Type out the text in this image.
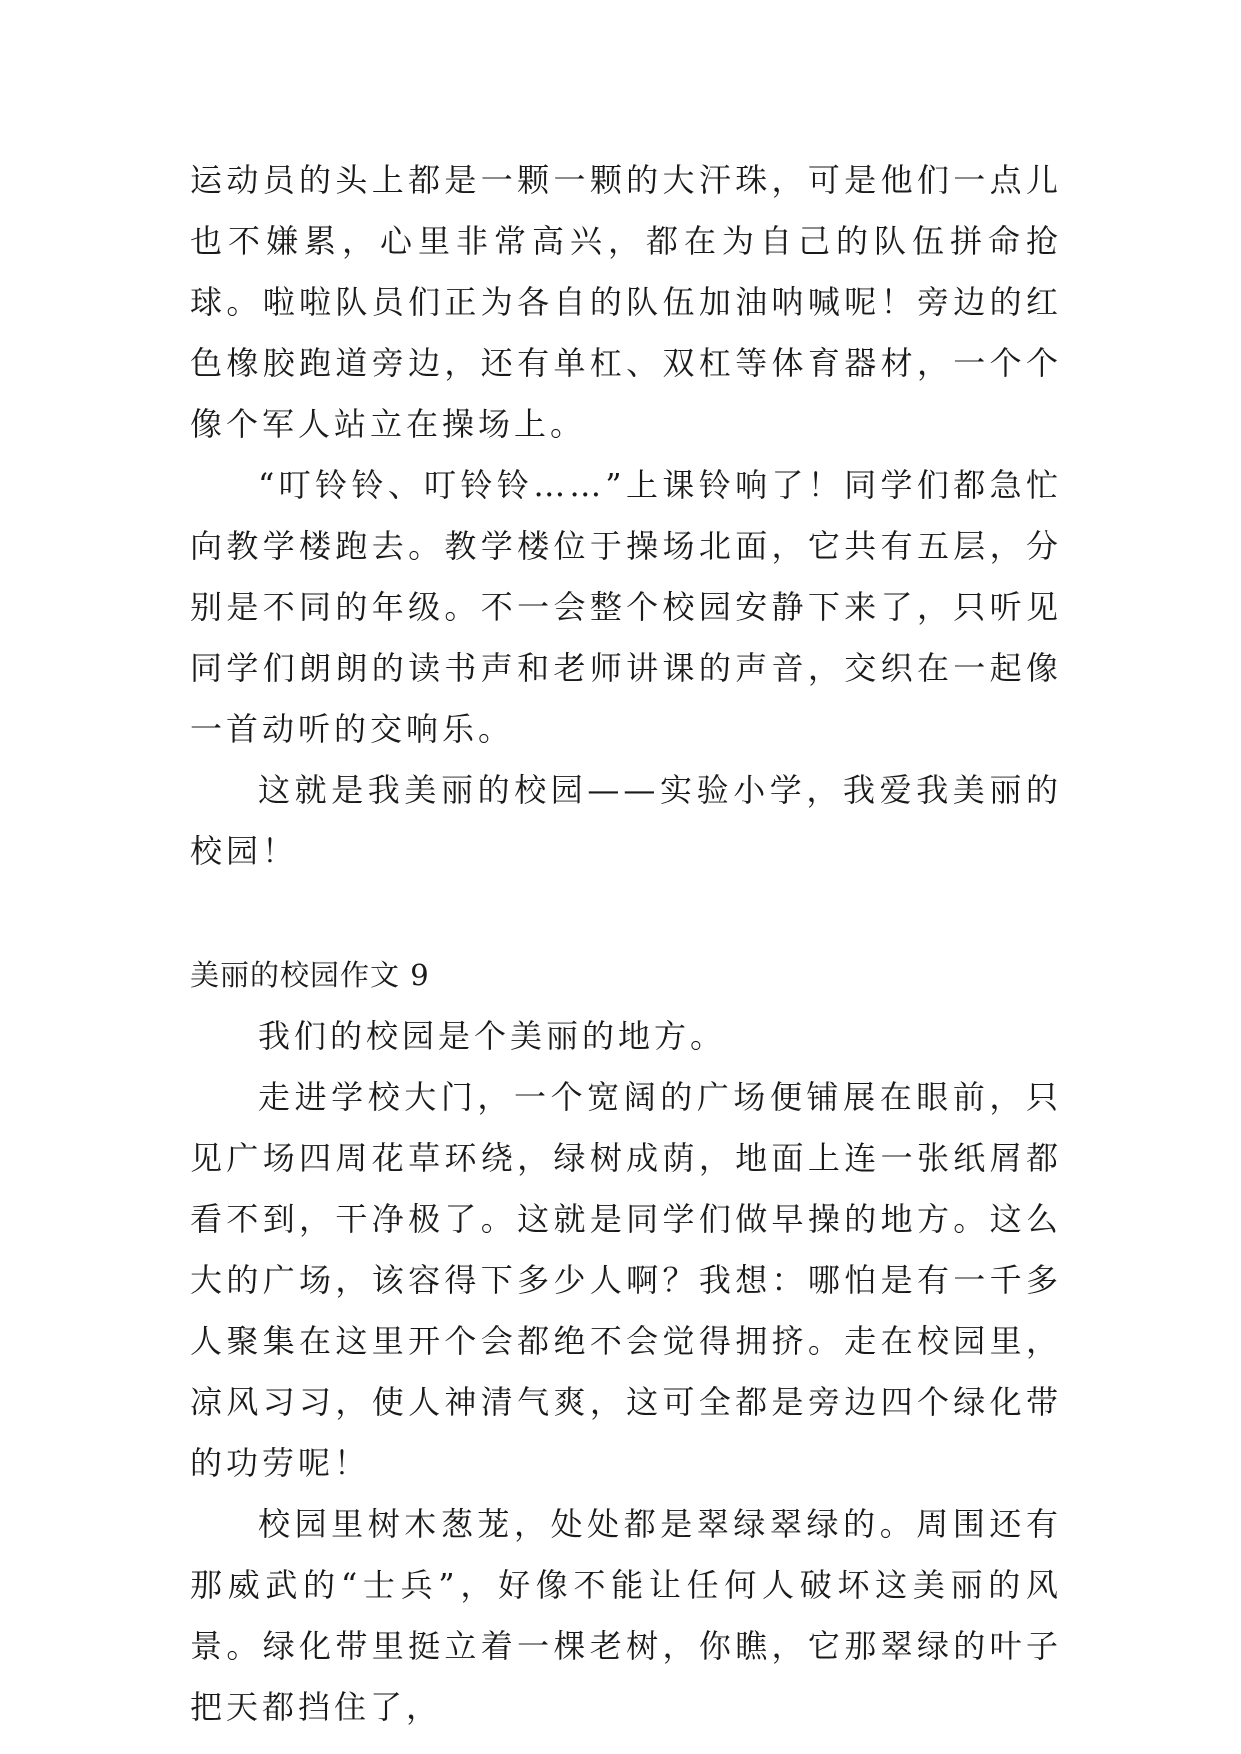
运动员的头上都是一颗一颗的大汗珠，可是他们一点儿也不嫌累，心里非常高兴，都在为自己的队伍拼命抢球。啦啦队员们正为各自的队伍加油呐喊呢！旁边的红色橡胶跑道旁边，还有单杠、双杠等体育器材，一个个像个军人站立在操场上。

“叮铃铃、叮铃铃……”上课铃响了！同学们都急忙向教学楼跑去。教学楼位于操场北面，它共有五层，分别是不同的年级。不一会整个校园安静下来了，只听见同学们朗朗的读书声和老师讲课的声音，交织在一起像一首动听的交响乐。

这就是我美丽的校园——实验小学，我爱我美丽的校园！

美丽的校园作文 9

我们的校园是个美丽的地方。

走进学校大门，一个宽阔的广场便铺展在眼前，只见广场四周花草环绕，绿树成荫，地面上连一张纸屑都看不到，干净极了。这就是同学们做早操的地方。这么大的广场，该容得下多少人啊？我想：哪怕是有一千多人聚集在这里开个会都绝不会觉得拥挤。走在校园里，凉风习习，使人神清气爽，这可全都是旁边四个绿化带的功劳呢！

校园里树木葱茏，处处都是翠绿翠绿的。周围还有那威武的“士兵”，好像不能让任何人破坏这美丽的风景。绿化带里挺立着一棵老树，你瞧，它那翠绿的叶子把天都挡住了，
